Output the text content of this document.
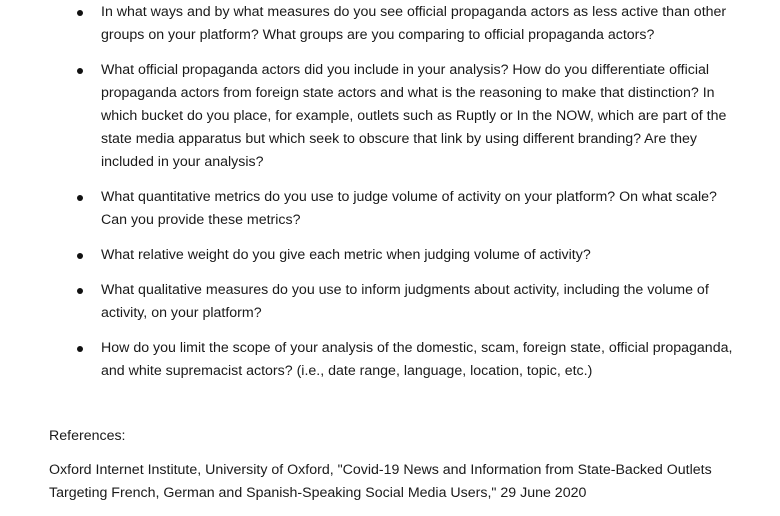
In what ways and by what measures do you see official propaganda actors as less active than other groups on your platform? What groups are you comparing to official propaganda actors?
What official propaganda actors did you include in your analysis? How do you differentiate official propaganda actors from foreign state actors and what is the reasoning to make that distinction? In which bucket do you place, for example, outlets such as Ruptly or In the NOW, which are part of the state media apparatus but which seek to obscure that link by using different branding? Are they included in your analysis?
What quantitative metrics do you use to judge volume of activity on your platform? On what scale? Can you provide these metrics?
What relative weight do you give each metric when judging volume of activity?
What qualitative measures do you use to inform judgments about activity, including the volume of activity, on your platform?
How do you limit the scope of your analysis of the domestic, scam, foreign state, official propaganda, and white supremacist actors? (i.e., date range, language, location, topic, etc.)
References:
Oxford Internet Institute, University of Oxford, "Covid-19 News and Information from State-Backed Outlets Targeting French, German and Spanish-Speaking Social Media Users," 29 June 2020
